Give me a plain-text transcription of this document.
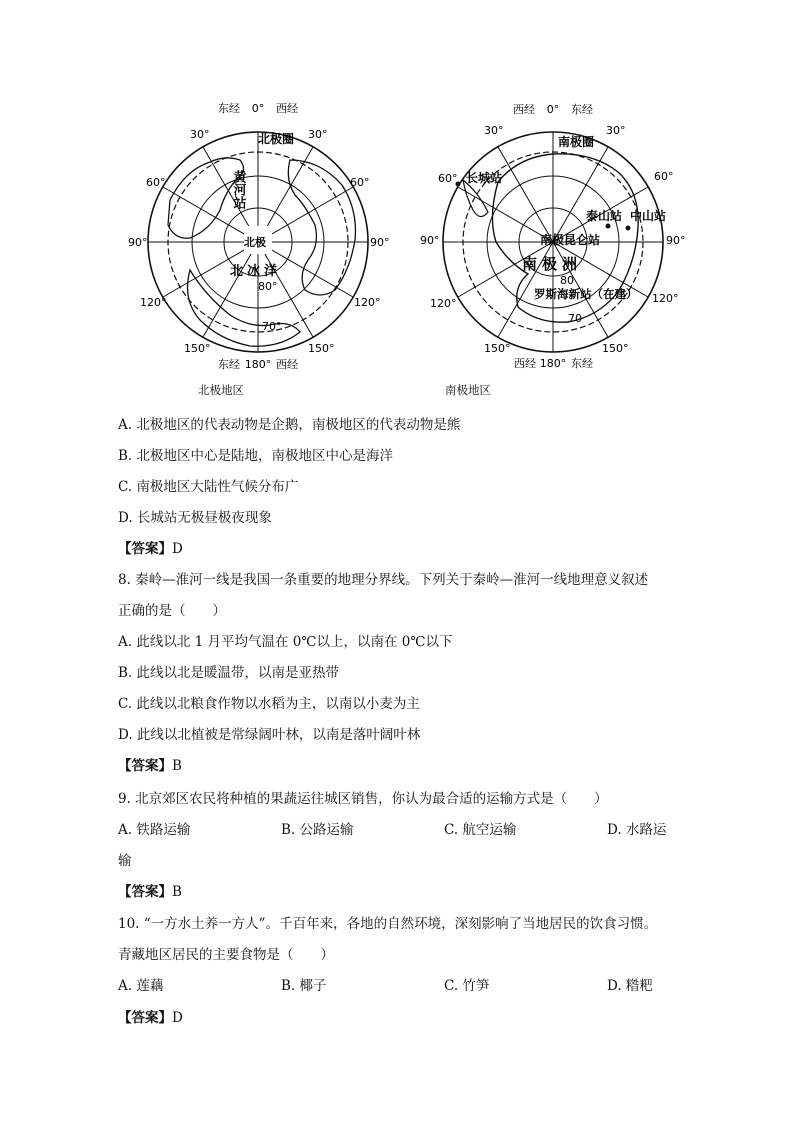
东经 0° 西经
30°	30°
60°	60°
90°	90°
120°	120°
150°	150°
东经 180° 西经
北极圈
北极
北冰洋
80°
70°
黄河站
北极地区
西经 0° 东经
30°	30°
60°	60°
90°	90°
120°	120°
150°	150°
西经 180° 东经
南极圈
长城站
泰山站 中山站
南极昆仑站
南极洲
80
罗斯海新站（在建）
70
南极地区
A. 北极地区的代表动物是企鹅，南极地区的代表动物是熊
B. 北极地区中心是陆地，南极地区中心是海洋
C. 南极地区大陆性气候分布广
D. 长城站无极昼极夜现象
【答案】D
8. 秦岭—淮河一线是我国一条重要的地理分界线。下列关于秦岭—淮河一线地理意义叙述
正确的是（　　）
A. 此线以北 1 月平均气温在 0℃以上，以南在 0℃以下
B. 此线以北是暖温带，以南是亚热带
C. 此线以北粮食作物以水稻为主，以南以小麦为主
D. 此线以北植被是常绿阔叶林，以南是落叶阔叶林
【答案】B
9. 北京郊区农民将种植的果蔬运往城区销售，你认为最合适的运输方式是（　　）
A. 铁路运输	B. 公路运输	C. 航空运输	D. 水路运
输
【答案】B
10. “一方水土养一方人”。千百年来，各地的自然环境，深刻影响了当地居民的饮食习惯。
青藏地区居民的主要食物是（　　）
A. 莲藕	B. 椰子	C. 竹笋	D. 糌粑
【答案】D
